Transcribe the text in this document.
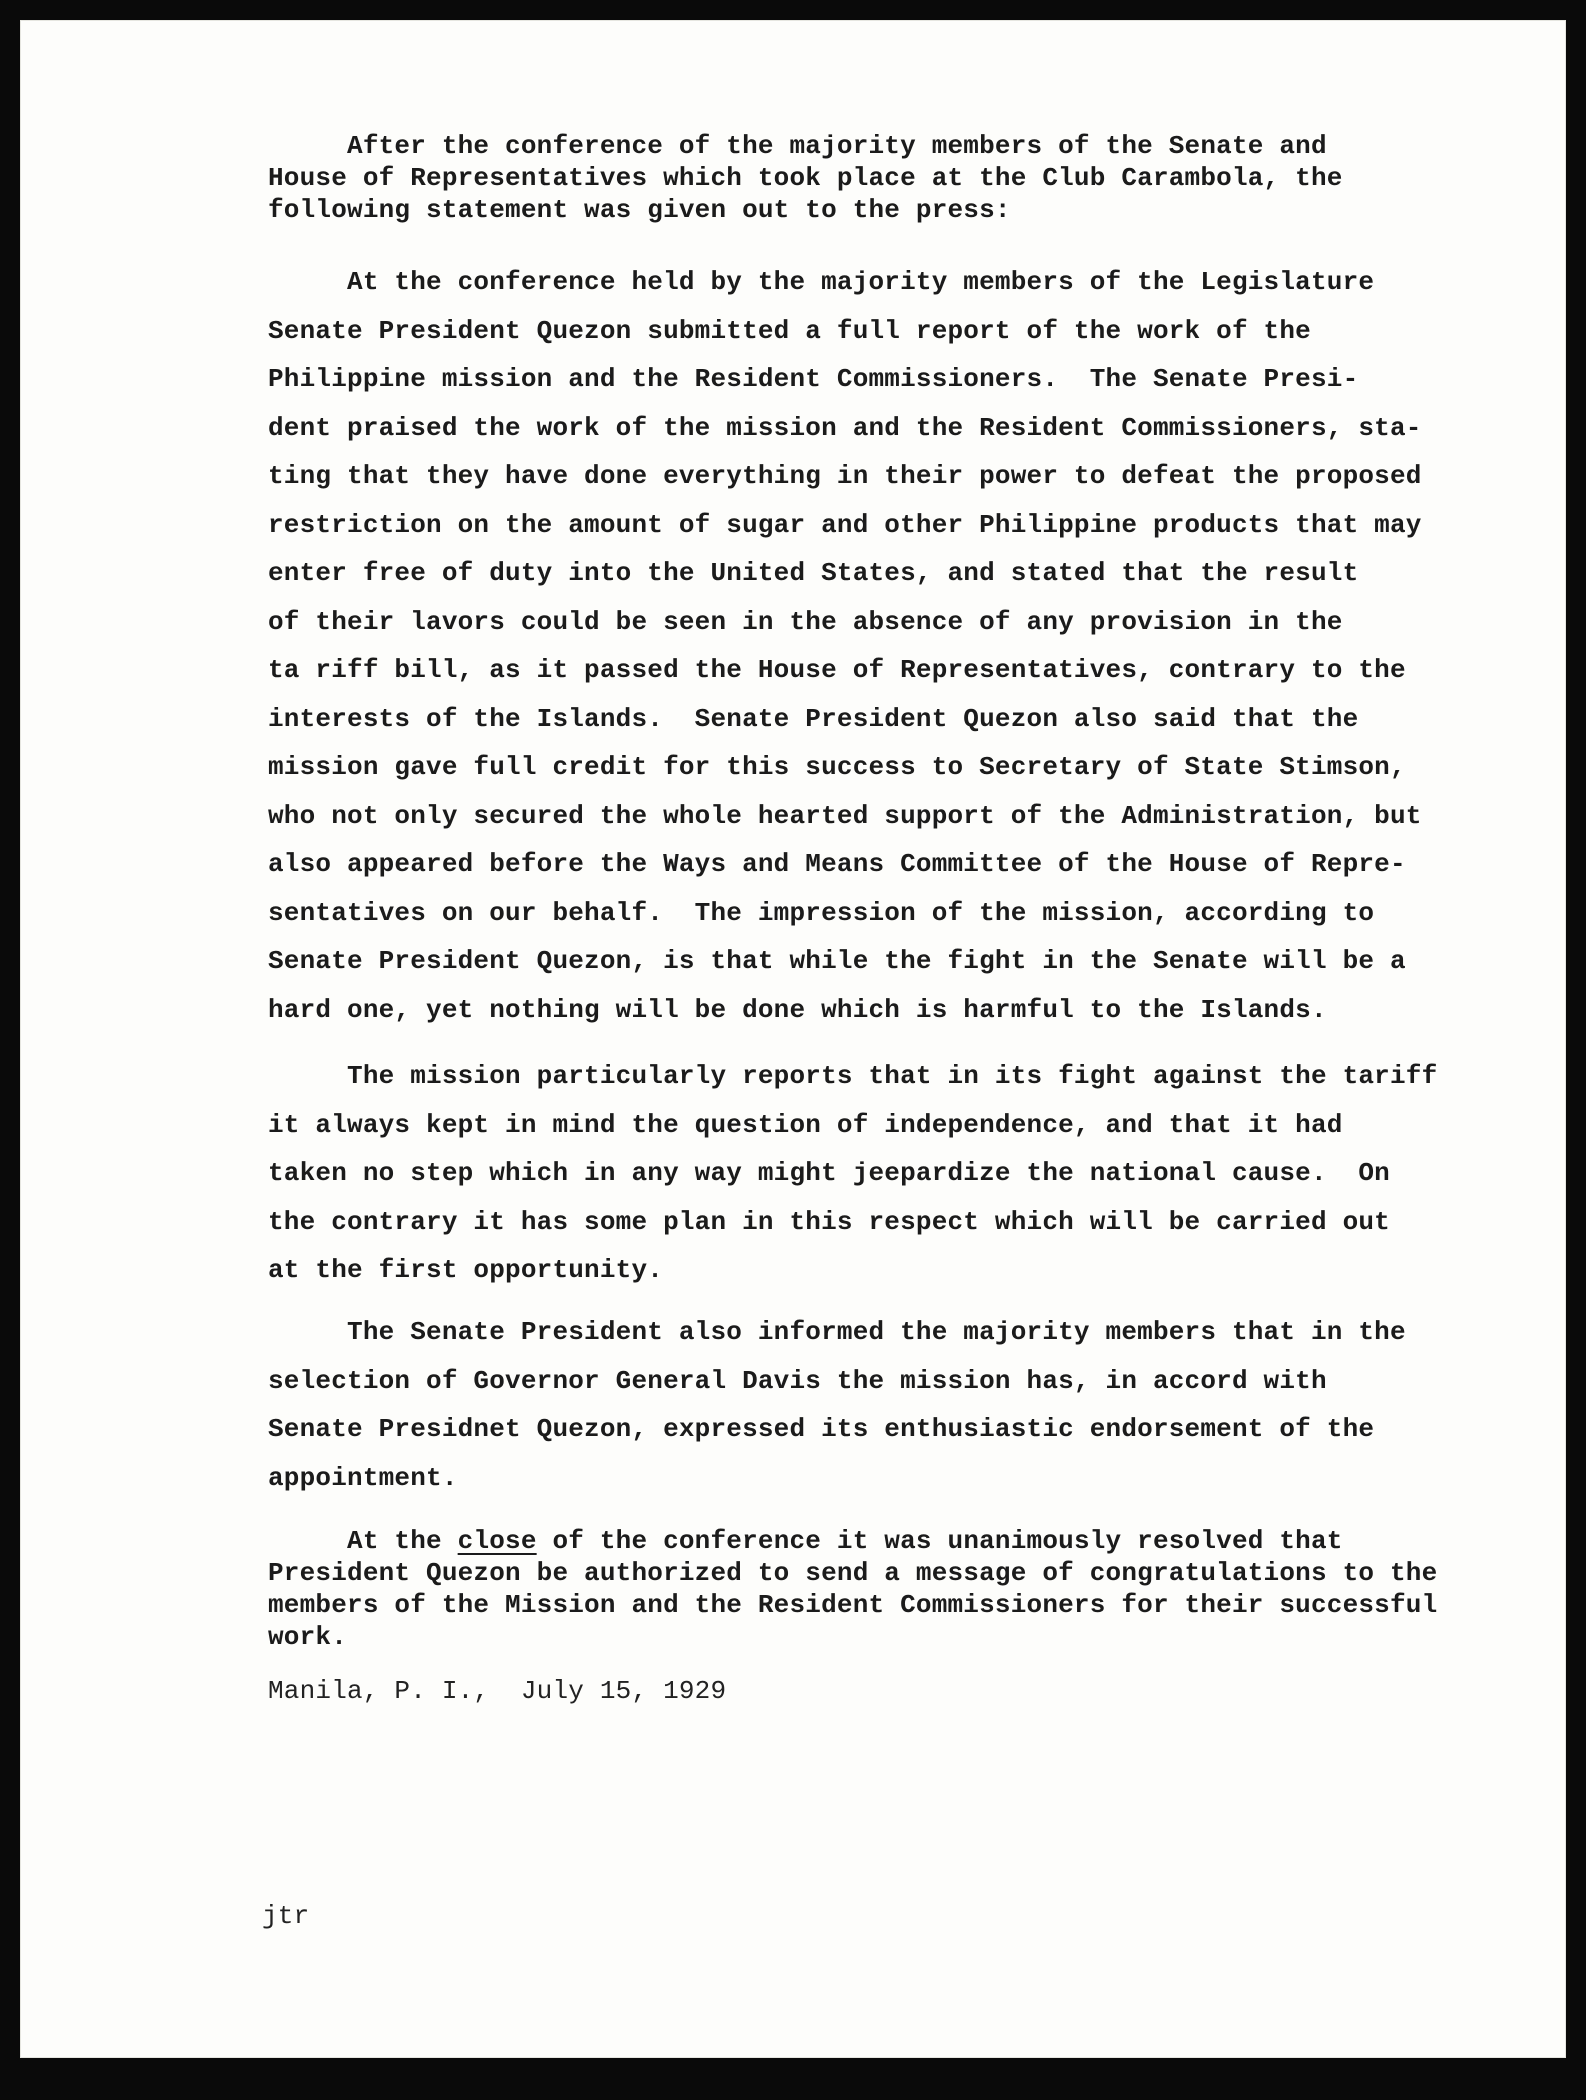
After the conference of the majority members of the Senate and
House of Representatives which took place at the Club Carambola, the
following statement was given out to the press:
At the conference held by the majority members of the Legislature
Senate President Quezon submitted a full report of the work of the
Philippine mission and the Resident Commissioners.  The Senate Presi-
dent praised the work of the mission and the Resident Commissioners, sta-
ting that they have done everything in their power to defeat the proposed
restriction on the amount of sugar and other Philippine products that may
enter free of duty into the United States, and stated that the result
of their lavors could be seen in the absence of any provision in the
ta riff bill, as it passed the House of Representatives, contrary to the
interests of the Islands.  Senate President Quezon also said that the
mission gave full credit for this success to Secretary of State Stimson,
who not only secured the whole hearted support of the Administration, but
also appeared before the Ways and Means Committee of the House of Repre-
sentatives on our behalf.  The impression of the mission, according to
Senate President Quezon, is that while the fight in the Senate will be a
hard one, yet nothing will be done which is harmful to the Islands.
The mission particularly reports that in its fight against the tariff
it always kept in mind the question of independence, and that it had
taken no step which in any way might jeepardize the national cause.  On
the contrary it has some plan in this respect which will be carried out
at the first opportunity.
The Senate President also informed the majority members that in the
selection of Governor General Davis the mission has, in accord with
Senate Presidnet Quezon, expressed its enthusiastic endorsement of the
appointment.
At the close of the conference it was unanimously resolved that
President Quezon be authorized to send a message of congratulations to the
members of the Mission and the Resident Commissioners for their successful
work.
Manila, P. I.,  July 15, 1929
jtr
